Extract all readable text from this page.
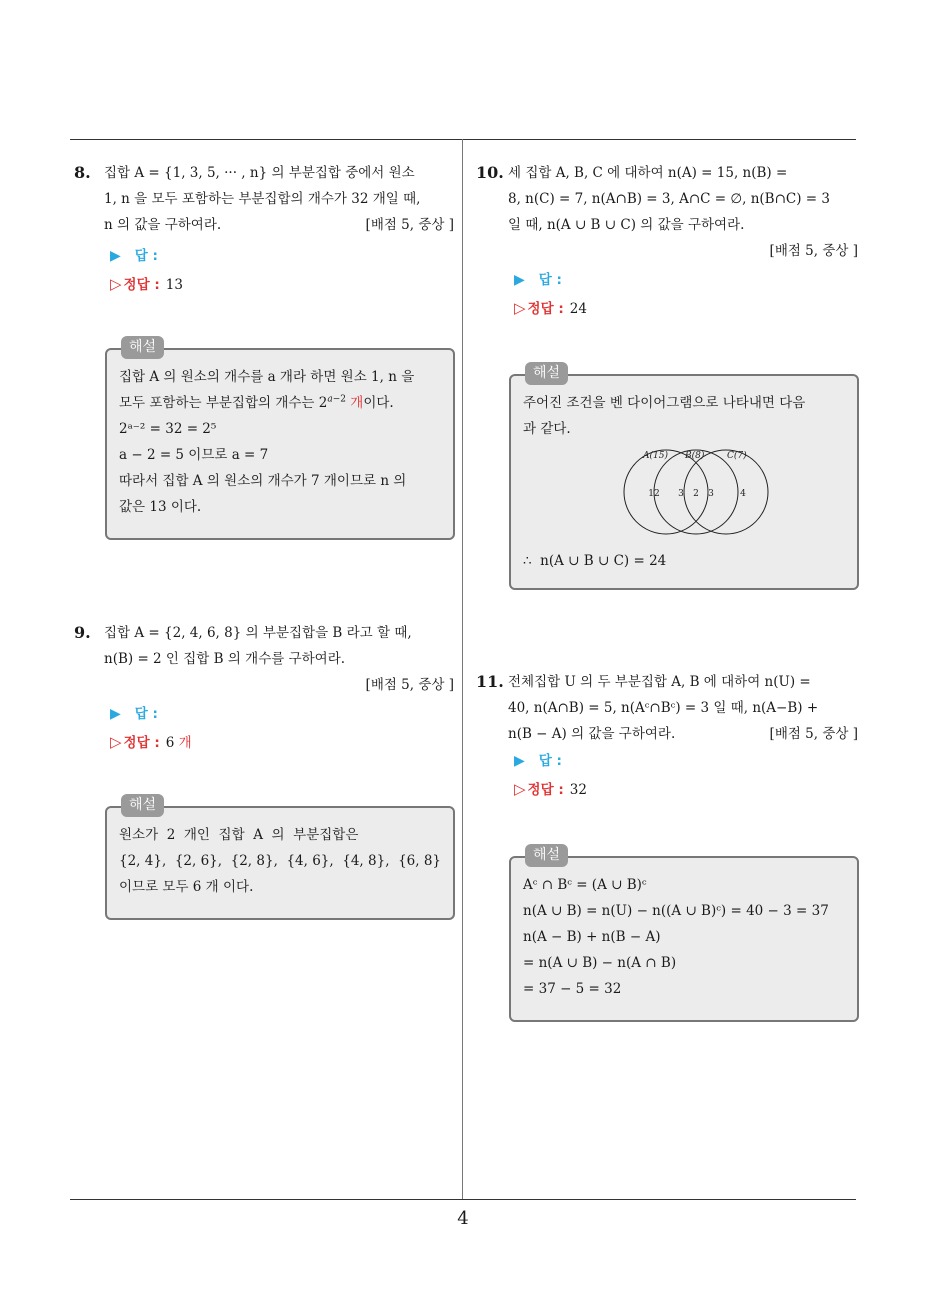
8. 집합 A = {1, 3, 5, ··· , n} 의 부분집합 중에서 원소
1, n 을 모두 포함하는 부분집합의 개수가 32 개일 때,
n 의 값을 구하여라.	[배점 5, 중상 ]
▶ 답 :
▷ 정답 : 13
해설
집합 A 의 원소의 개수를 a 개라 하면 원소 1, n 을
모두 포함하는 부분집합의 개수는 $2^{a-2}$ 개이다.
2ᵃ⁻² = 32 = 2⁵
a − 2 = 5 이므로 a = 7
따라서 집합 A 의 원소의 개수가 7 개이므로 n 의
값은 13 이다.
9. 집합 A = {2, 4, 6, 8} 의 부분집합을 B 라고 할 때,
n(B) = 2 인 집합 B 의 개수를 구하여라.
[배점 5, 중상 ]
▶ 답 :
▷ 정답 : 6 개
해설
원소가  2  개인  집합  A  의  부분집합은
{2, 4},  {2, 6},  {2, 8},  {4, 6},  {4, 8},  {6, 8}
이므로 모두 6 개 이다.
10. 세 집합 A, B, C 에 대하여 n(A) = 15, n(B) =
8, n(C) = 7, n(A∩B) = 3, A∩C = ∅, n(B∩C) = 3
일 때, n(A ∪ B ∪ C) 의 값을 구하여라.
[배점 5, 중상 ]
▶ 답 :
▷ 정답 : 24
해설
주어진 조건을 벤 다이어그램으로 나타내면 다음
과 같다.
A(15) B(8)	C(7)
12 3 2 3	4
∴  n(A ∪ B ∪ C) = 24
11. 전체집합 U 의 두 부분집합 A, B 에 대하여 n(U) =
40, n(A∩B) = 5, n(Aᶜ∩Bᶜ) = 3 일 때, n(A−B) +
n(B − A) 의 값을 구하여라.	[배점 5, 중상 ]
▶ 답 :
▷ 정답 : 32
해설
Aᶜ ∩ Bᶜ = (A ∪ B)ᶜ
n(A ∪ B) = n(U) − n((A ∪ B)ᶜ) = 40 − 3 = 37
n(A − B) + n(B − A)
= n(A ∪ B) − n(A ∩ B)
= 37 − 5 = 32
4
